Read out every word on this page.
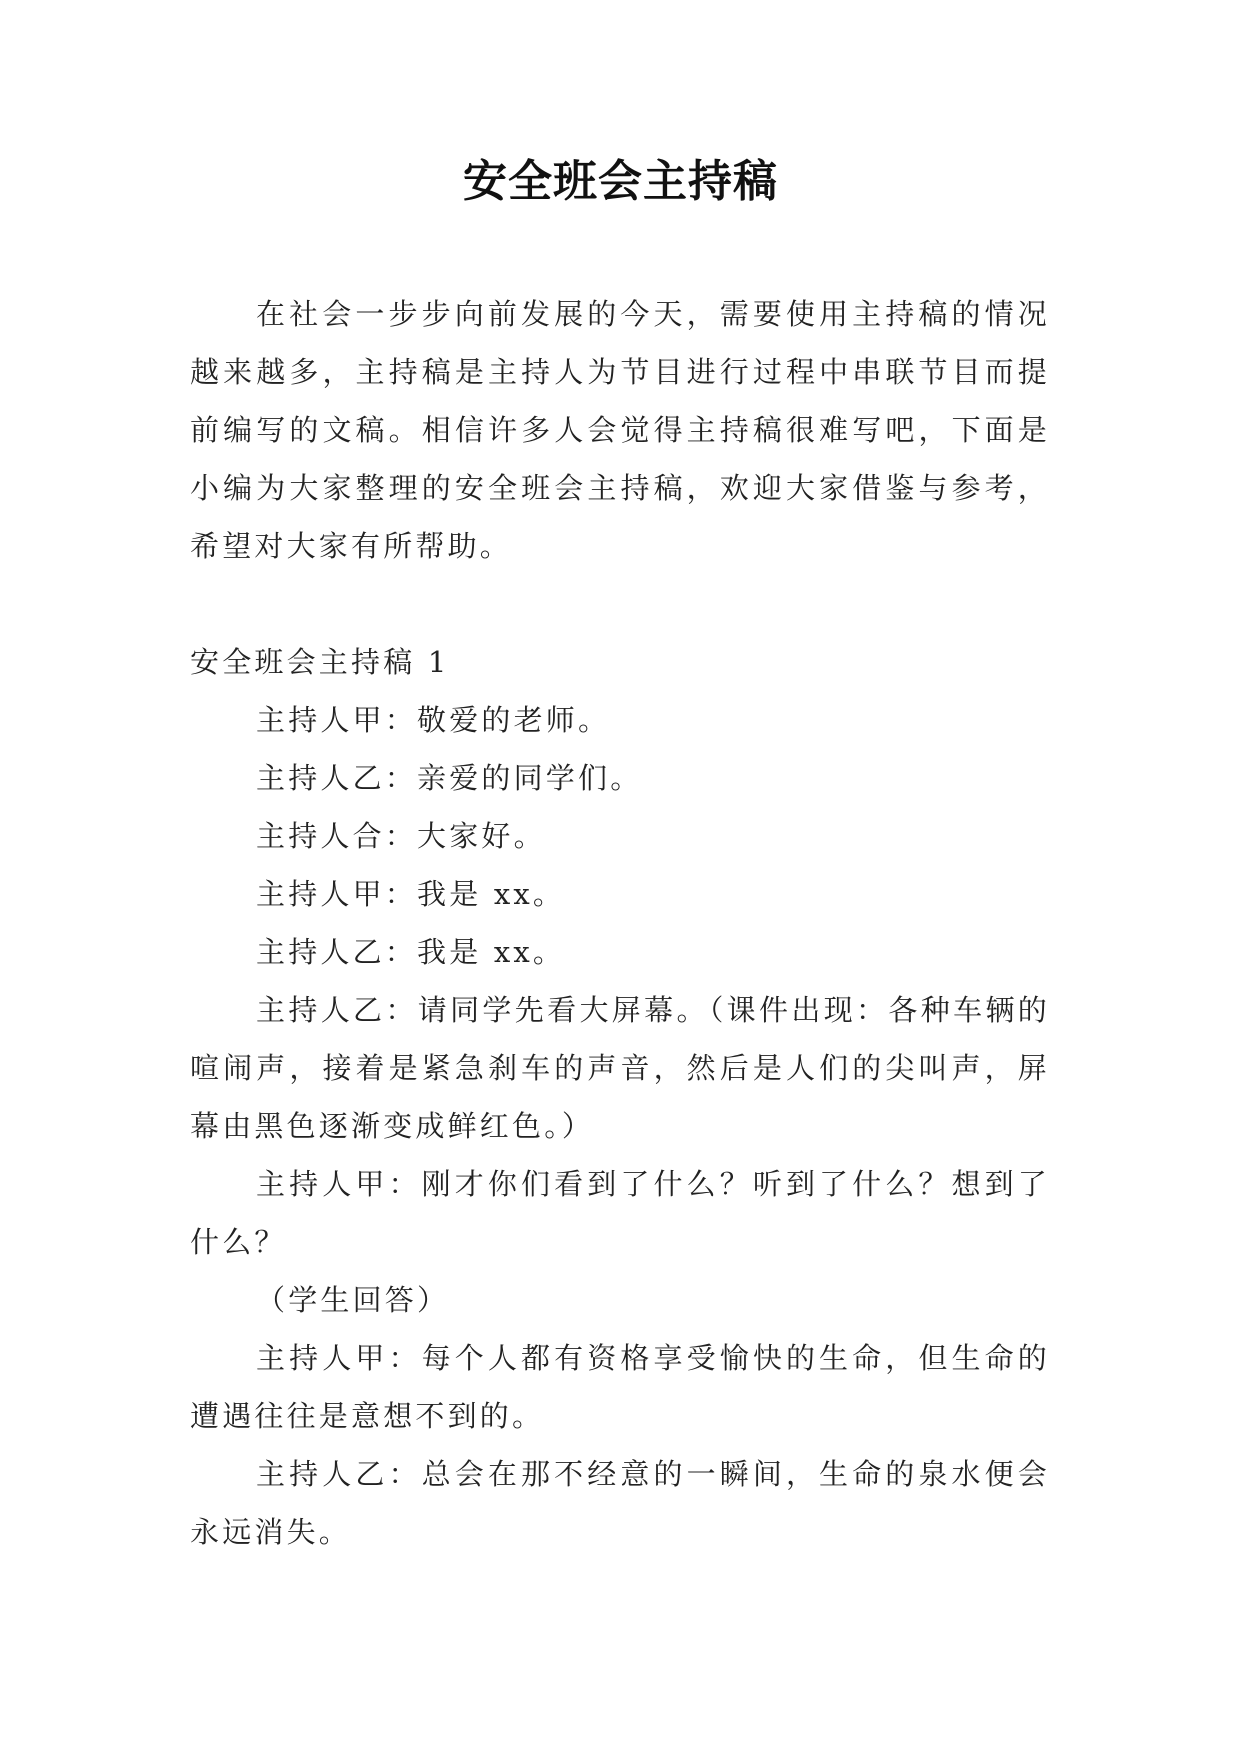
安全班会主持稿

在社会一步步向前发展的今天，需要使用主持稿的情况越来越多，主持稿是主持人为节目进行过程中串联节目而提前编写的文稿。相信许多人会觉得主持稿很难写吧，下面是小编为大家整理的安全班会主持稿，欢迎大家借鉴与参考，希望对大家有所帮助。

安全班会主持稿 1

主持人甲：敬爱的老师。

主持人乙：亲爱的同学们。

主持人合：大家好。

主持人甲：我是 xx。

主持人乙：我是 xx。

主持人乙：请同学先看大屏幕。（课件出现：各种车辆的喧闹声，接着是紧急刹车的声音，然后是人们的尖叫声，屏幕由黑色逐渐变成鲜红色。）

主持人甲：刚才你们看到了什么？听到了什么？想到了什么？

（学生回答）

主持人甲：每个人都有资格享受愉快的生命，但生命的遭遇往往是意想不到的。

主持人乙：总会在那不经意的一瞬间，生命的泉水便会永远消失。
